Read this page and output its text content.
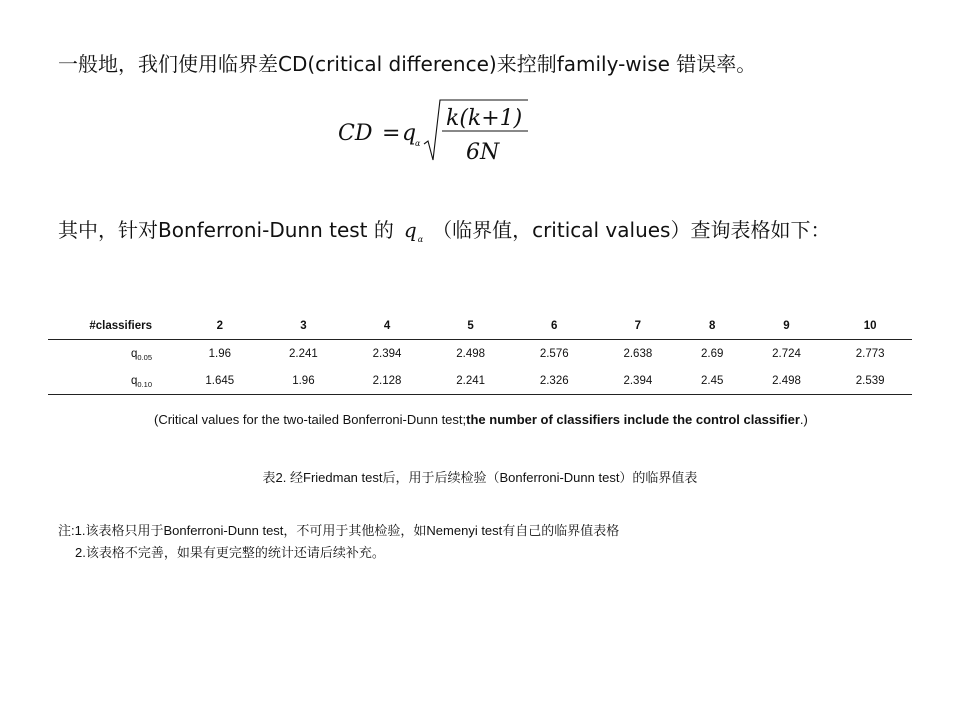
一般地，我们使用临界差CD(critical difference)来控制family-wise 错误率。
CD = q
α
k(k+1)
6N
其中，针对Bonferroni-Dunn test 的 $q_\alpha$ （临界值，critical values）查询表格如下：
#classifiers	2	3	4	5	6	7	8	9	10
$q_{0.05}$	1.96	2.241	2.394	2.498	2.576	2.638	2.69	2.724	2.773
$q_{0.10}$	1.645	1.96	2.128	2.241	2.326	2.394	2.45	2.498	2.539
(Critical values for the two-tailed Bonferroni-Dunn test;the number of classifiers include the control classifier.)
表2. 经Friedman test后，用于后续检验（Bonferroni-Dunn test）的临界值表
注:1.该表格只用于Bonferroni-Dunn test，不可用于其他检验，如Nemenyi test有自己的临界值表格
2.该表格不完善，如果有更完整的统计还请后续补充。
